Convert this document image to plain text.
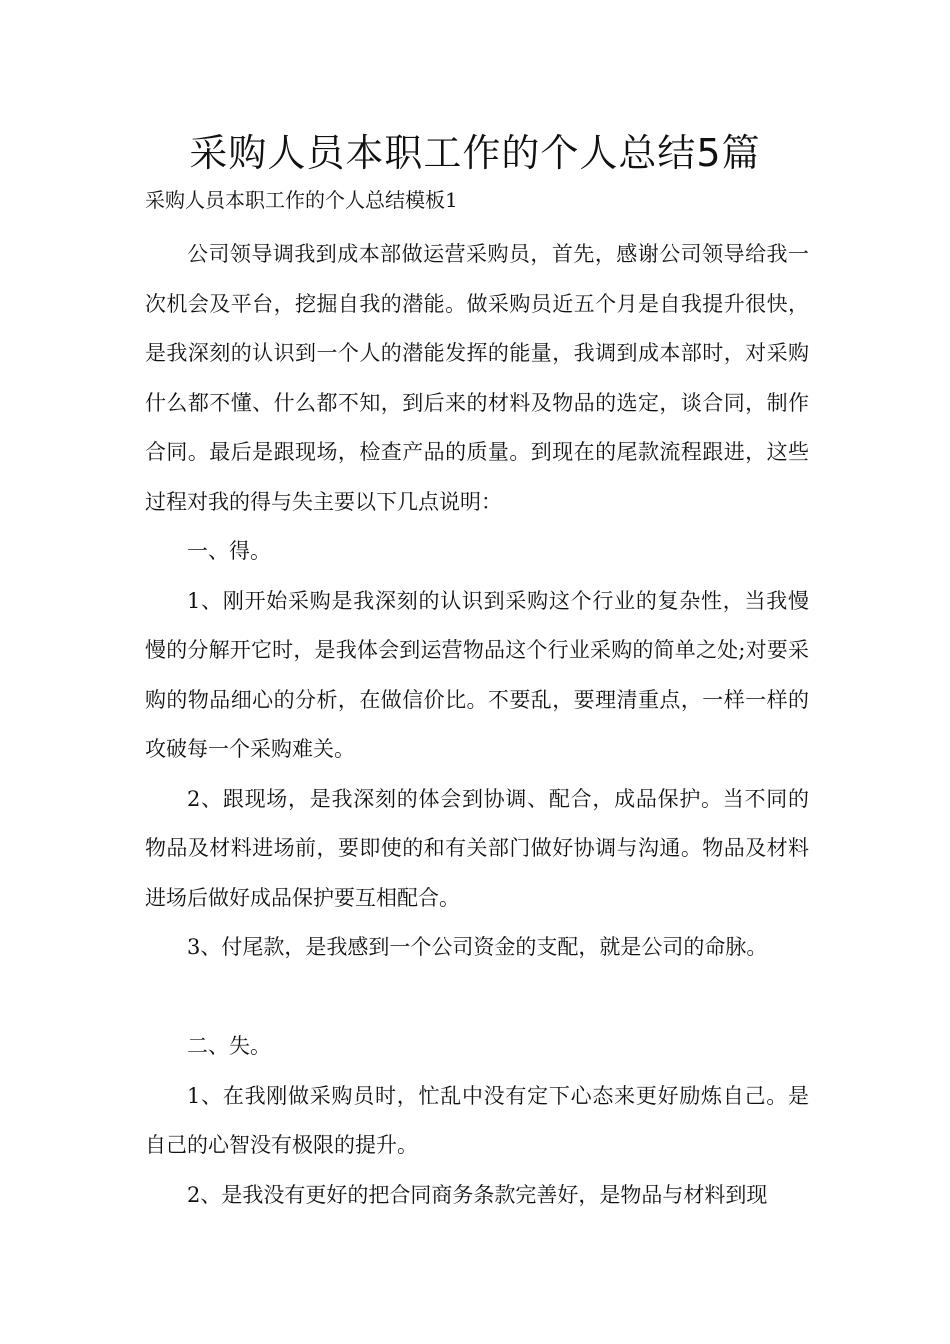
采购人员本职工作的个人总结5篇

采购人员本职工作的个人总结模板1

公司领导调我到成本部做运营采购员，首先，感谢公司领导给我一次机会及平台，挖掘自我的潜能。做采购员近五个月是自我提升很快，是我深刻的认识到一个人的潜能发挥的能量，我调到成本部时，对采购什么都不懂、什么都不知，到后来的材料及物品的选定，谈合同，制作合同。最后是跟现场，检查产品的质量。到现在的尾款流程跟进，这些过程对我的得与失主要以下几点说明：

一、得。

1、刚开始采购是我深刻的认识到采购这个行业的复杂性，当我慢慢的分解开它时，是我体会到运营物品这个行业采购的简单之处;对要采购的物品细心的分析，在做信价比。不要乱，要理清重点，一样一样的攻破每一个采购难关。

2、跟现场，是我深刻的体会到协调、配合，成品保护。当不同的物品及材料进场前，要即使的和有关部门做好协调与沟通。物品及材料进场后做好成品保护要互相配合。

3、付尾款，是我感到一个公司资金的支配，就是公司的命脉。

二、失。

1、在我刚做采购员时，忙乱中没有定下心态来更好励炼自己。是自己的心智没有极限的提升。

2、是我没有更好的把合同商务条款完善好，是物品与材料到现
